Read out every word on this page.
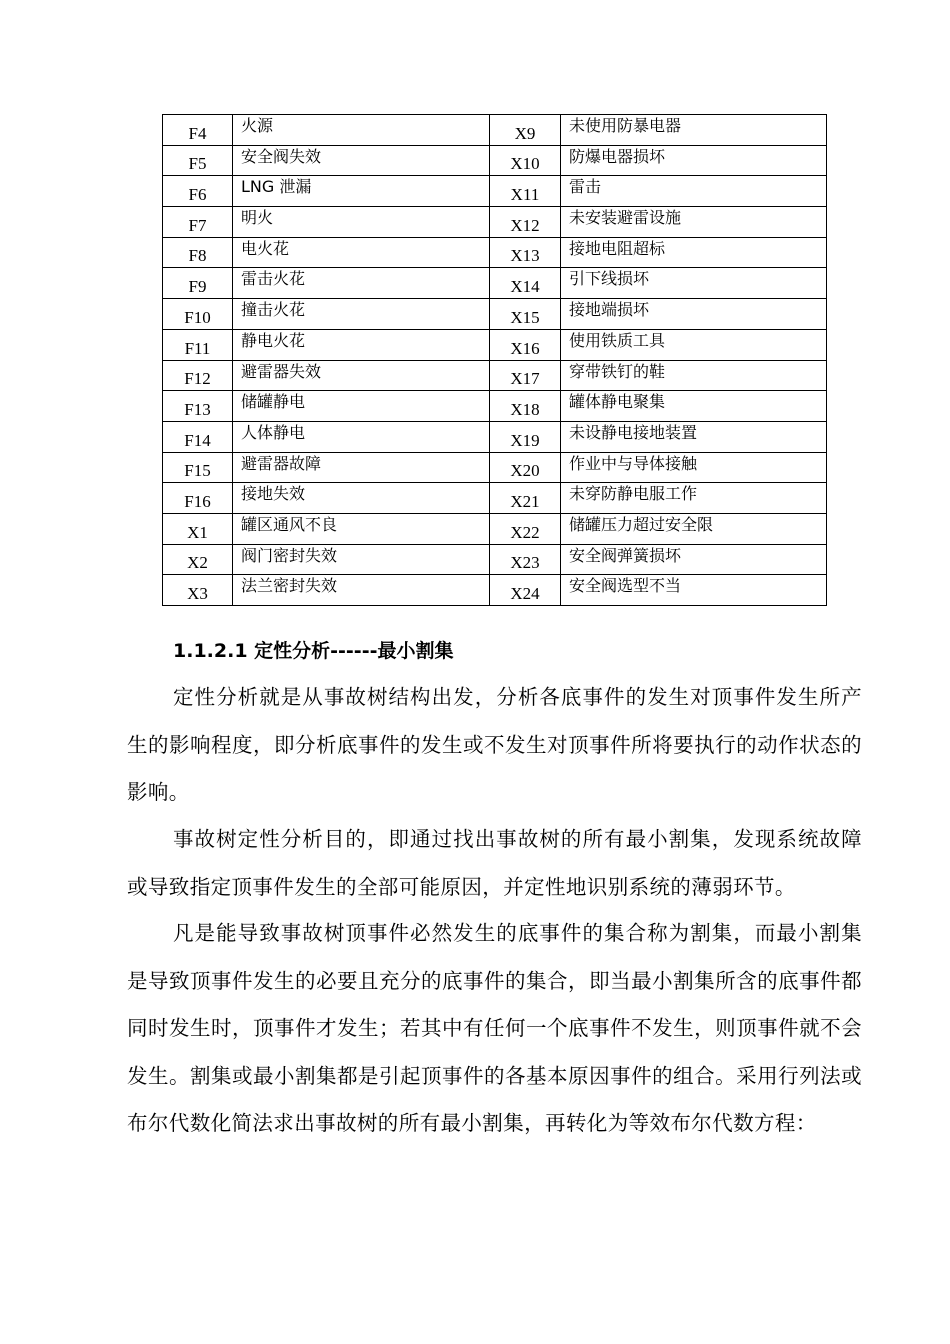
F4	火源	X9	未使用防暴电器
F5	安全阀失效	X10	防爆电器损坏
F6	LNG 泄漏	X11	雷击
F7	明火	X12	未安装避雷设施
F8	电火花	X13	接地电阻超标
F9	雷击火花	X14	引下线损坏
F10	撞击火花	X15	接地端损坏
F11	静电火花	X16	使用铁质工具
F12	避雷器失效	X17	穿带铁钉的鞋
F13	储罐静电	X18	罐体静电聚集
F14	人体静电	X19	未设静电接地装置
F15	避雷器故障	X20	作业中与导体接触
F16	接地失效	X21	未穿防静电服工作
X1	罐区通风不良	X22	储罐压力超过安全限
X2	阀门密封失效	X23	安全阀弹簧损坏
X3	法兰密封失效	X24	安全阀选型不当
1.1.2.1 定性分析------最小割集

定性分析就是从事故树结构出发，分析各底事件的发生对顶事件发生所产生的影响程度，即分析底事件的发生或不发生对顶事件所将要执行的动作状态的影响。

事故树定性分析目的，即通过找出事故树的所有最小割集，发现系统故障或导致指定顶事件发生的全部可能原因，并定性地识别系统的薄弱环节。

凡是能导致事故树顶事件必然发生的底事件的集合称为割集，而最小割集是导致顶事件发生的必要且充分的底事件的集合，即当最小割集所含的底事件都同时发生时，顶事件才发生；若其中有任何一个底事件不发生，则顶事件就不会发生。割集或最小割集都是引起顶事件的各基本原因事件的组合。采用行列法或布尔代数化简法求出事故树的所有最小割集，再转化为等效布尔代数方程：
